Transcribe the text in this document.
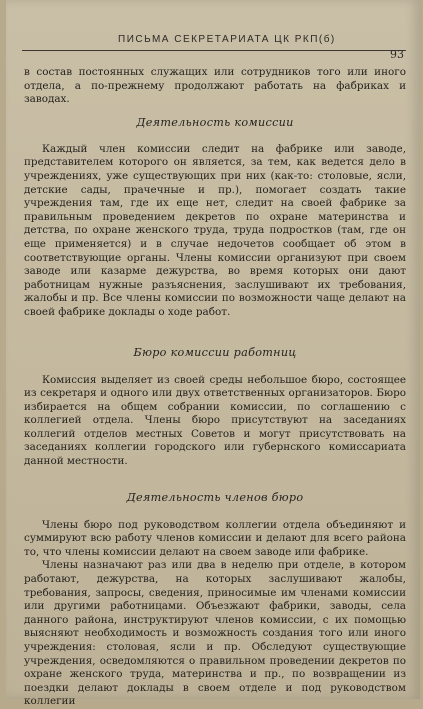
ПИСЬМА СЕКРЕТАРИАТА ЦК РКП(б)
93

в состав постоянных служащих или сотрудников того или иного отдела, а по-прежнему продолжают работать на фабриках и заводах.

Деятельность комиссии

Каждый член комиссии следит на фабрике или заводе, представителем которого он является, за тем, как ведется дело в учреждениях, уже существующих при них (как-то: столовые, ясли, детские сады, прачечные и пр.), помогает создать такие учреждения там, где их еще нет, следит на своей фабрике за правильным проведением декретов по охране материнства и детства, по охране женского труда, труда подростков (там, где он еще применяется) и в случае недочетов сообщает об этом в соответствующие органы. Члены комиссии организуют при своем заводе или казарме дежурства, во время которых они дают работницам нужные разъяснения, заслушивают их требования, жалобы и пр. Все члены комиссии по возможности чаще делают на своей фабрике доклады о ходе работ.

Бюро комиссии работниц

Комиссия выделяет из своей среды небольшое бюро, состоящее из секретаря и одного или двух ответственных организаторов. Бюро избирается на общем собрании комиссии, по соглашению с коллегией отдела. Члены бюро присутствуют на заседаниях коллегий отделов местных Советов и могут присутствовать на заседаниях коллегии городского или губернского комиссариата данной местности.

Деятельность членов бюро

Члены бюро под руководством коллегии отдела объединяют и суммируют всю работу членов комиссии и делают для всего района то, что члены комиссии делают на своем заводе или фабрике.

Члены назначают раз или два в неделю при отделе, в котором работают, дежурства, на которых заслушивают жалобы, требования, запросы, сведения, приносимые им членами комиссии или другими работницами. Объезжают фабрики, заводы, села данного района, инструктируют членов комиссии, с их помощью выясняют необходимость и возможность создания того или иного учреждения: столовая, ясли и пр. Обследуют существующие учреждения, осведомляются о правильном проведении декретов по охране женского труда, материнства и пр., по возвращении из поездки делают доклады в своем отделе и под руководством коллегии
